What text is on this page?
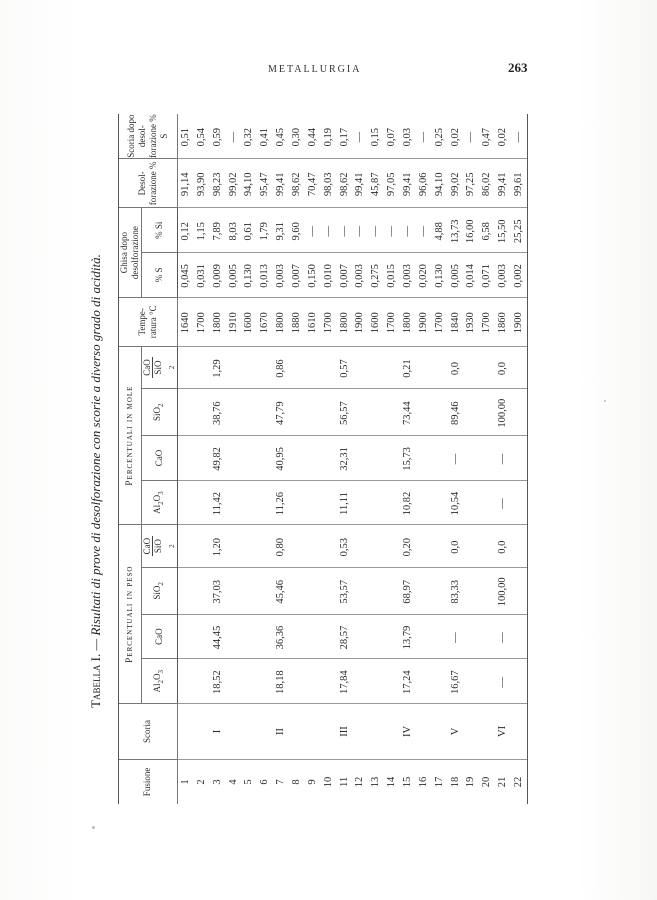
METALLURGIA	263
Tabella I. — Risultati di prove di desolforazione con scorie a diverso grado di acidità.
Fusione	Scoria	Percentuali in peso				Percentuali in mole				Tempe- ratura °C	Ghisa dopo desolforazione		Desol- forazione %	Scoria dopo desol- forazione % S
		$Al_2O_3$	CaO	SiO$_2$	CaO SiO $_2$	$Al_2O_3$	CaO	SiO$_2$	CaO SiO $_2$		% S	% Si		
1										1640	0,045	0,12	91,14	0,51
2										1700	0,031	1,15	93,90	0,54
3	I	18,52	44,45	37,03	1,20	11,42	49,82	38,76	1,29	1800	0,009	7,89	98,23	0,59
4										1910	0,005	8,03	99,02	—
5										1600	0,130	0,61	94,10	0,32
6										1670	0,013	1,79	95,47	0,41
7	II	18,18	36,36	45,46	0,80	11,26	40,95	47,79	0,86	1800	0,003	9,31	99,41	0,45
8										1880	0,007	9,60	98,62	0,30
9										1610	0,150	—	70,47	0,44
10										1700	0,010	—	98,03	0,19
11	III	17,84	28,57	53,57	0,53	11,11	32,31	56,57	0,57	1800	0,007	—	98,62	0,17
12										1900	0,003	—	99,41	—
13										1600	0,275	—	45,87	0,15
14										1700	0,015	—	97,05	0,07
15	IV	17,24	13,79	68,97	0,20	10,82	15,73	73,44	0,21	1800	0,003	—	99,41	0,03
16										1900	0,020	—	96,06	—
17										1700	0,130	4,88	94,10	0,25
18	V	16,67	—	83,33	0,0	10,54	—	89,46	0,0	1840	0,005	13,73	99,02	0,02
19										1930	0,014	16,00	97,25	—
20										1700	0,071	6,58	86,02	0,47
21	VI	—	—	100,00	0,0	—	—	100,00	0,0	1860	0,003	15,50	99,41	0,02
22										1900	0,002	25,25	99,61	—
